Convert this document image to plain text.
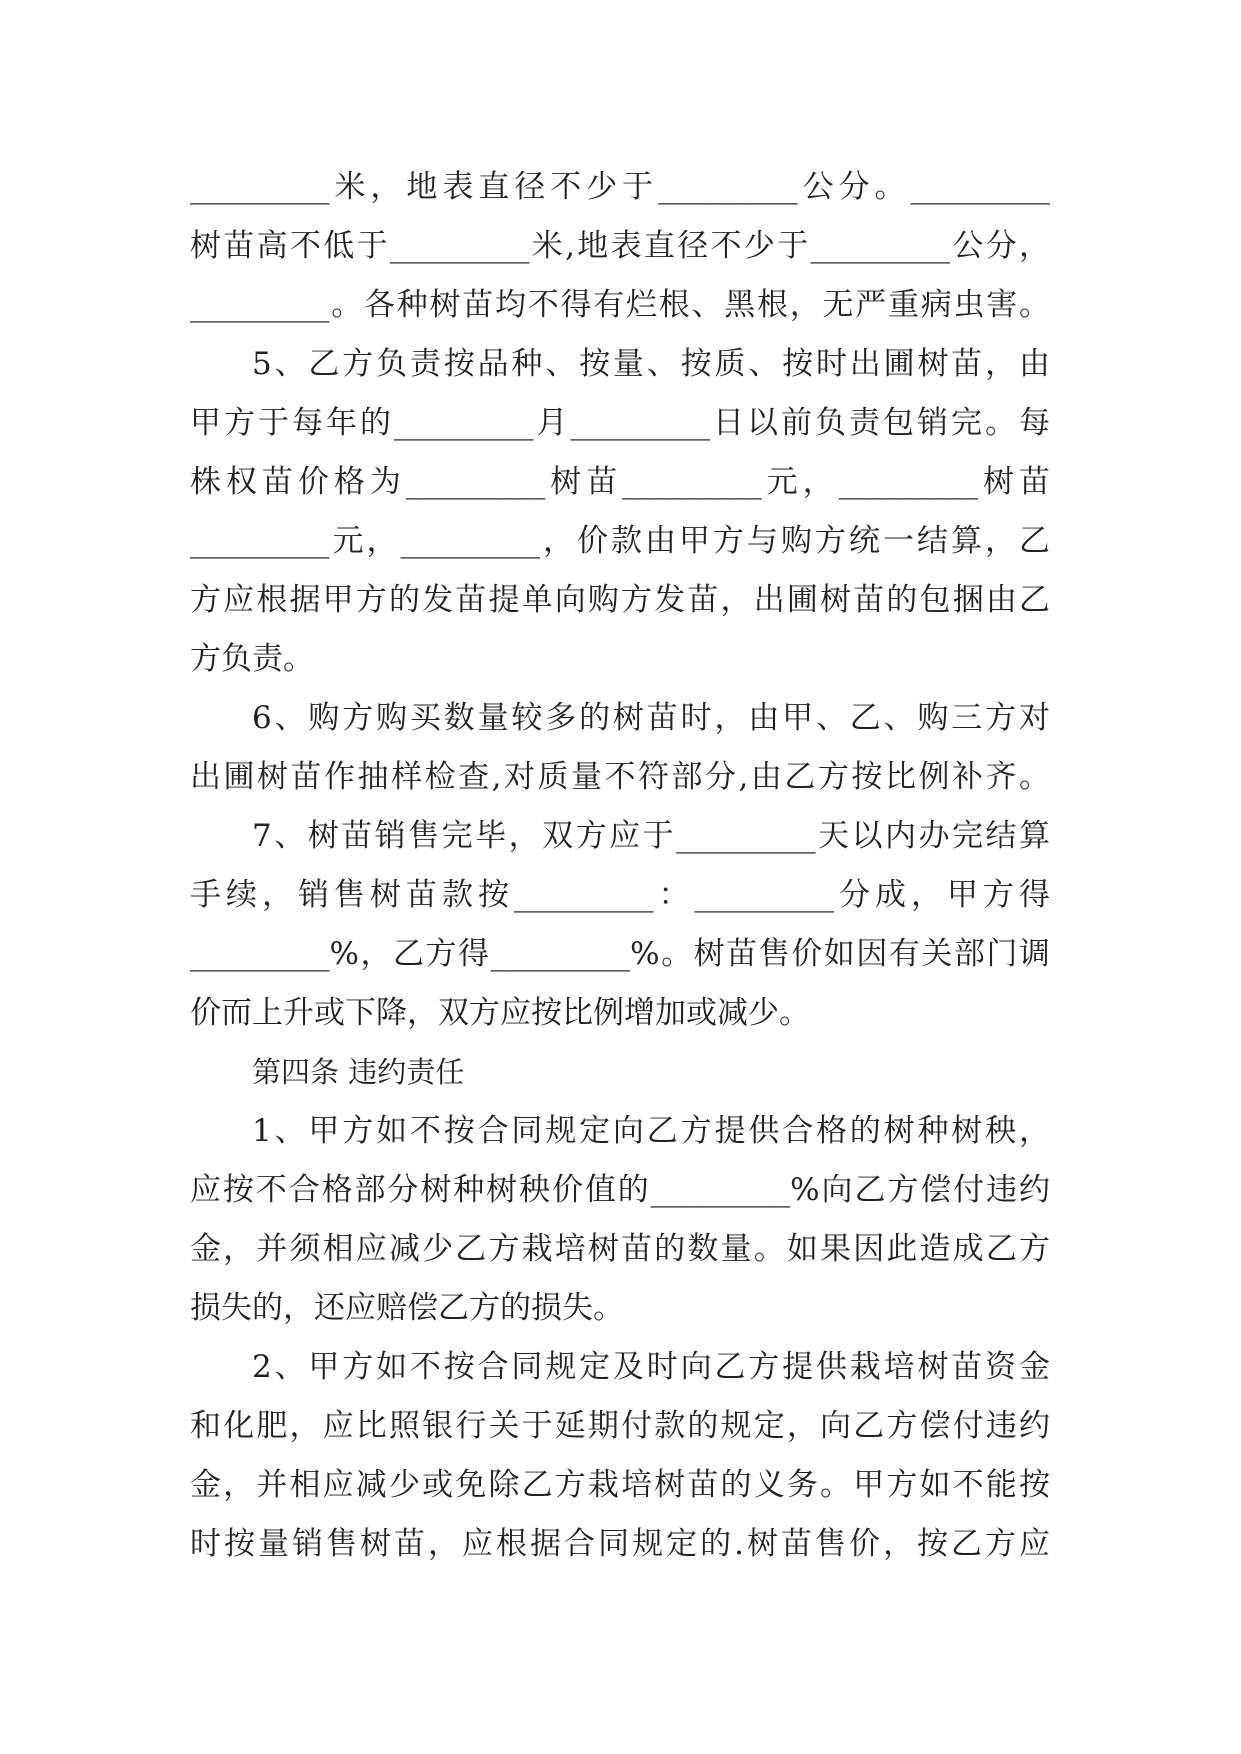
_________米，地表直径不少于_________公分。_________
树苗高不低于_________米,地表直径不少于_________公分，
_________。各种树苗均不得有烂根、黑根，无严重病虫害。
5、乙方负责按品种、按量、按质、按时出圃树苗，由
甲方于每年的_________月_________日以前负责包销完。每
株权苗价格为_________树苗_________元，_________树苗
_________元，_________，价款由甲方与购方统一结算，乙
方应根据甲方的发苗提单向购方发苗，出圃树苗的包捆由乙
方负责。
6、购方购买数量较多的树苗时，由甲、乙、购三方对
出圃树苗作抽样检查,对质量不符部分,由乙方按比例补齐。
7、树苗销售完毕，双方应于_________天以内办完结算
手续，销售树苗款按_________：_________分成，甲方得
_________%，乙方得_________%。树苗售价如因有关部门调
价而上升或下降，双方应按比例增加或减少。
第四条 违约责任
1、甲方如不按合同规定向乙方提供合格的树种树秧，
应按不合格部分树种树秧价值的_________%向乙方偿付违约
金，并须相应减少乙方栽培树苗的数量。如果因此造成乙方
损失的，还应赔偿乙方的损失。
2、甲方如不按合同规定及时向乙方提供栽培树苗资金
和化肥，应比照银行关于延期付款的规定，向乙方偿付违约
金，并相应减少或免除乙方栽培树苗的义务。甲方如不能按
时按量销售树苗，应根据合同规定的.树苗售价，按乙方应
